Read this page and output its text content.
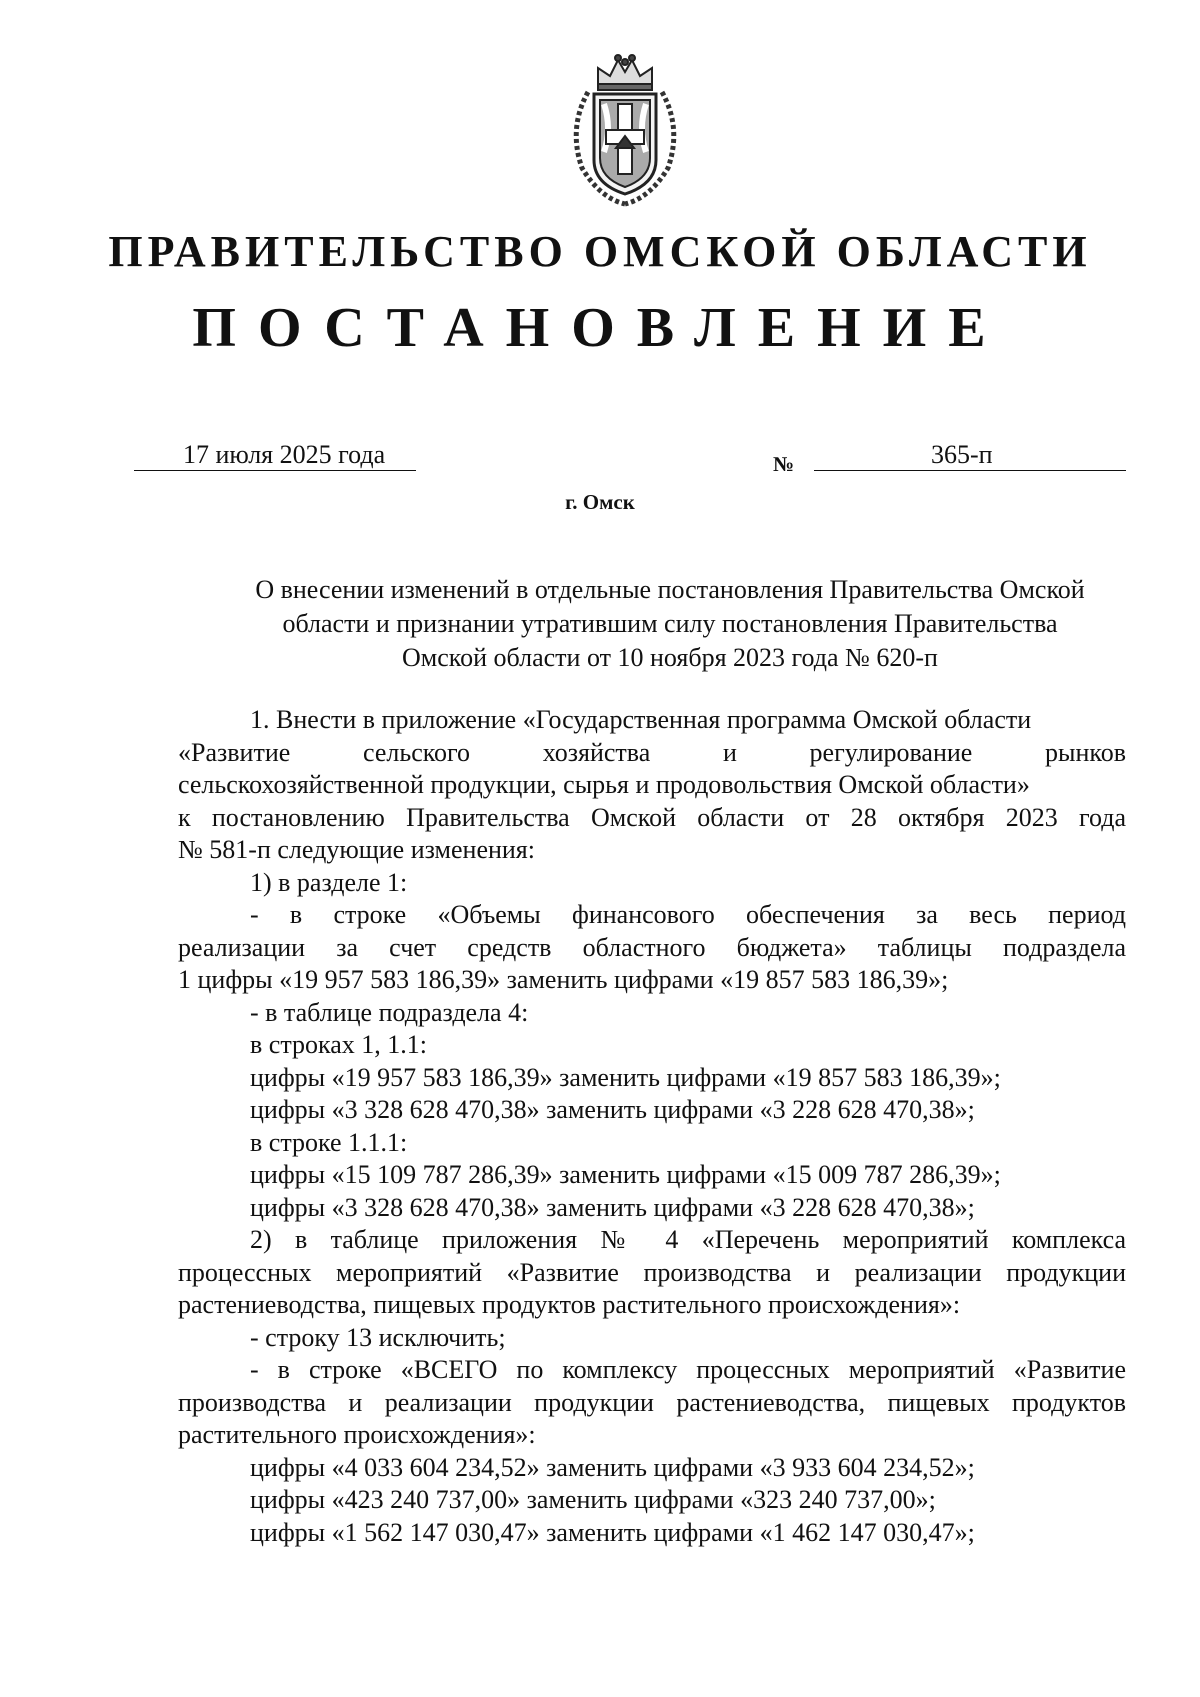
ПРАВИТЕЛЬСТВО ОМСКОЙ ОБЛАСТИ
ПОСТАНОВЛЕНИЕ
17 июля 2025 года	№	365-п
г. Омск
О внесении изменений в отдельные постановления Правительства Омской
области и признании утратившим силу постановления Правительства
Омской области от 10 ноября 2023 года № 620-п
1. Внести в приложение «Государственная программа Омской области
«Развитие сельского хозяйства и регулирование рынков
сельскохозяйственной продукции, сырья и продовольствия Омской области»
к постановлению Правительства Омской области от 28 октября 2023 года
№ 581-п следующие изменения:
1) в разделе 1:
- в строке «Объемы финансового обеспечения за весь период
реализации за счет средств областного бюджета» таблицы подраздела
1 цифры «19 957 583 186,39» заменить цифрами «19 857 583 186,39»;
- в таблице подраздела 4:
в строках 1, 1.1:
цифры «19 957 583 186,39» заменить цифрами «19 857 583 186,39»;
цифры «3 328 628 470,38» заменить цифрами «3 228 628 470,38»;
в строке 1.1.1:
цифры «15 109 787 286,39» заменить цифрами «15 009 787 286,39»;
цифры «3 328 628 470,38» заменить цифрами «3 228 628 470,38»;
2) в таблице приложения № 4 «Перечень мероприятий комплекса
процессных мероприятий «Развитие производства и реализации продукции
растениеводства, пищевых продуктов растительного происхождения»:
- строку 13 исключить;
- в строке «ВСЕГО по комплексу процессных мероприятий «Развитие
производства и реализации продукции растениеводства, пищевых продуктов
растительного происхождения»:
цифры «4 033 604 234,52» заменить цифрами «3 933 604 234,52»;
цифры «423 240 737,00» заменить цифрами «323 240 737,00»;
цифры «1 562 147 030,47» заменить цифрами «1 462 147 030,47»;
